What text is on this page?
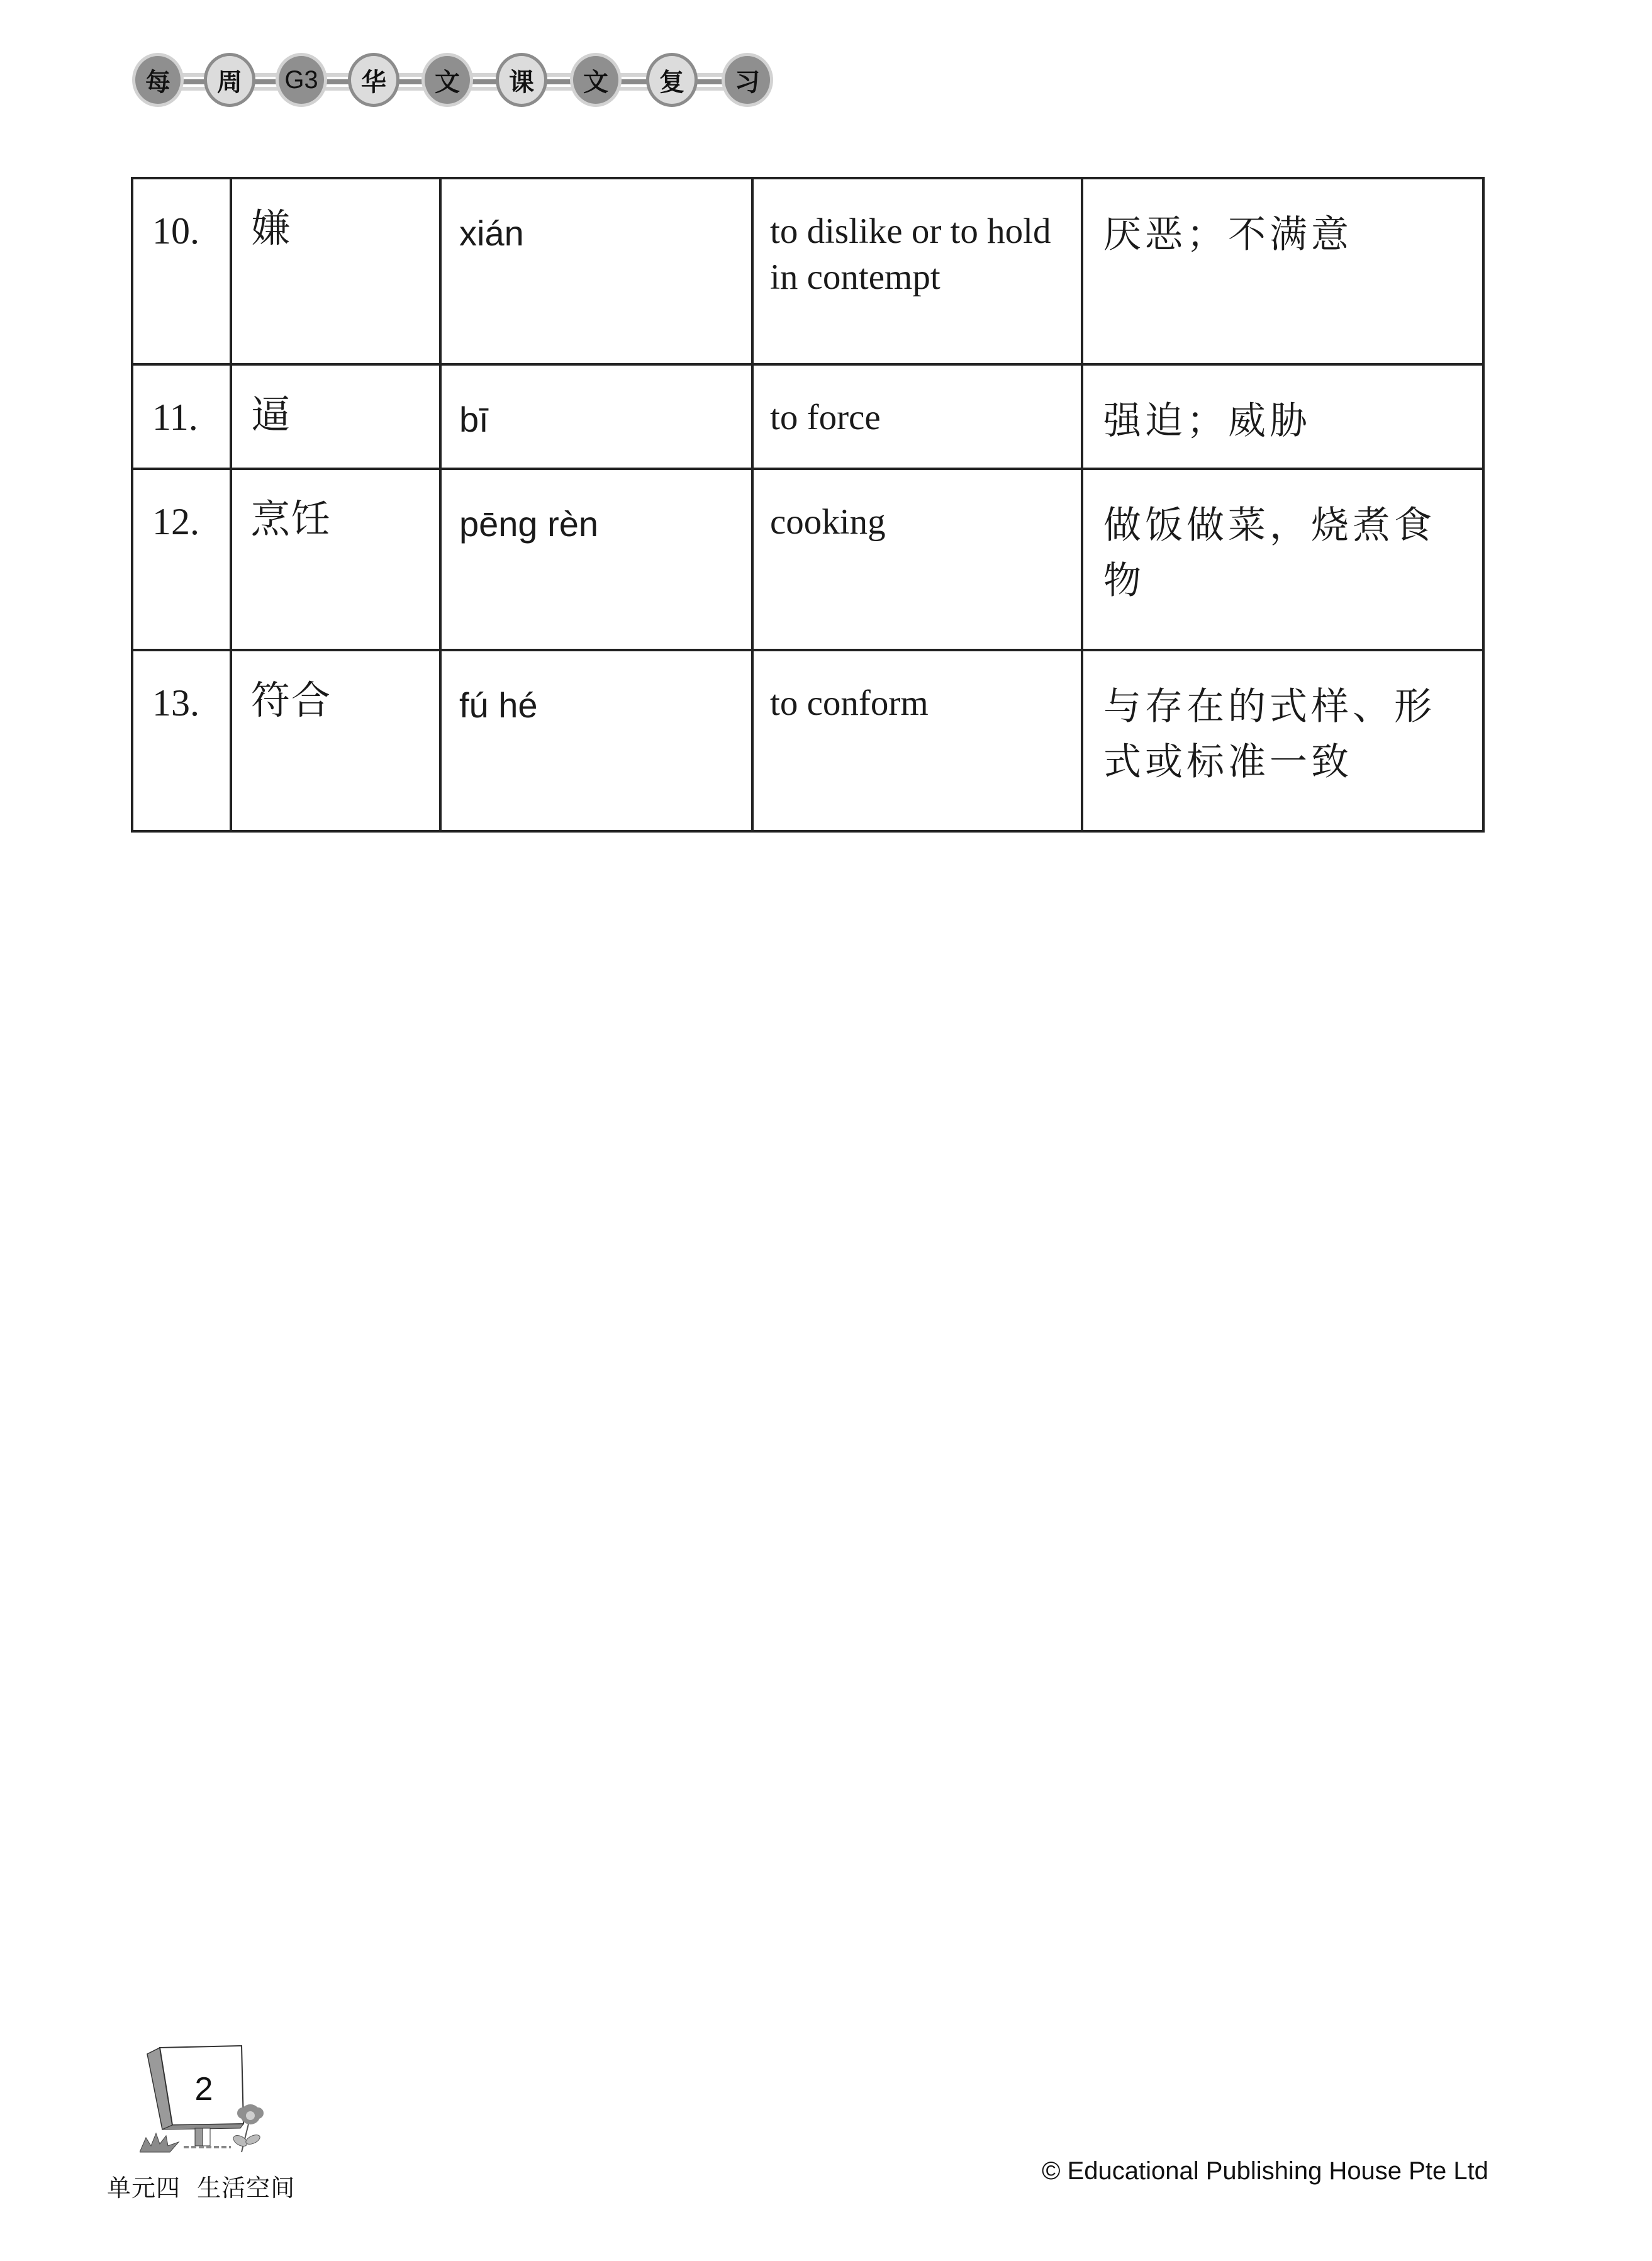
每	周	G3	华	文	课	文	复	习
10.	嫌	xián	to dislike or to hold in contempt	厌恶；不满意
11.	逼	bī	to force	强迫；威胁
12.	烹饪	pēng rèn	cooking	做饭做菜，烧煮食物
13.	符合	fú hé	to conform	与存在的式样、形式或标准一致
2
单元四  生活空间
© Educational Publishing House Pte Ltd
